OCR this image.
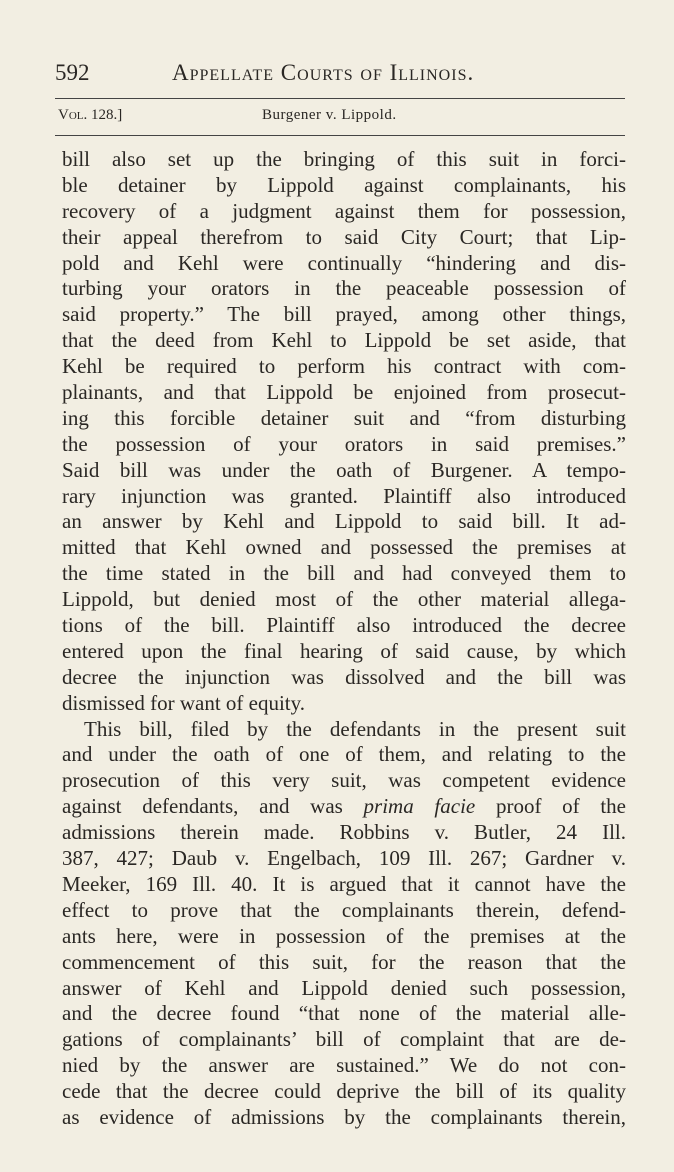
592	Appellate Courts of Illinois.
Vol. 128.]	Burgener v. Lippold.
bill also set up the bringing of this suit in forci-
ble detainer by Lippold against complainants, his
recovery of a judgment against them for possession,
their appeal therefrom to said City Court; that Lip-
pold and Kehl were continually “hindering and dis-
turbing your orators in the peaceable possession of
said property.” The bill prayed, among other things,
that the deed from Kehl to Lippold be set aside, that
Kehl be required to perform his contract with com-
plainants, and that Lippold be enjoined from prosecut-
ing this forcible detainer suit and “from disturbing
the possession of your orators in said premises.”
Said bill was under the oath of Burgener. A tempo-
rary injunction was granted. Plaintiff also introduced
an answer by Kehl and Lippold to said bill. It ad-
mitted that Kehl owned and possessed the premises at
the time stated in the bill and had conveyed them to
Lippold, but denied most of the other material allega-
tions of the bill. Plaintiff also introduced the decree
entered upon the final hearing of said cause, by which
decree the injunction was dissolved and the bill was
dismissed for want of equity.
This bill, filed by the defendants in the present suit
and under the oath of one of them, and relating to the
prosecution of this very suit, was competent evidence
against defendants, and was prima facie proof of the
admissions therein made. Robbins v. Butler, 24 Ill.
387, 427; Daub v. Engelbach, 109 Ill. 267; Gardner v.
Meeker, 169 Ill. 40. It is argued that it cannot have the
effect to prove that the complainants therein, defend-
ants here, were in possession of the premises at the
commencement of this suit, for the reason that the
answer of Kehl and Lippold denied such possession,
and the decree found “that none of the material alle-
gations of complainants’ bill of complaint that are de-
nied by the answer are sustained.” We do not con-
cede that the decree could deprive the bill of its quality
as evidence of admissions by the complainants therein,
